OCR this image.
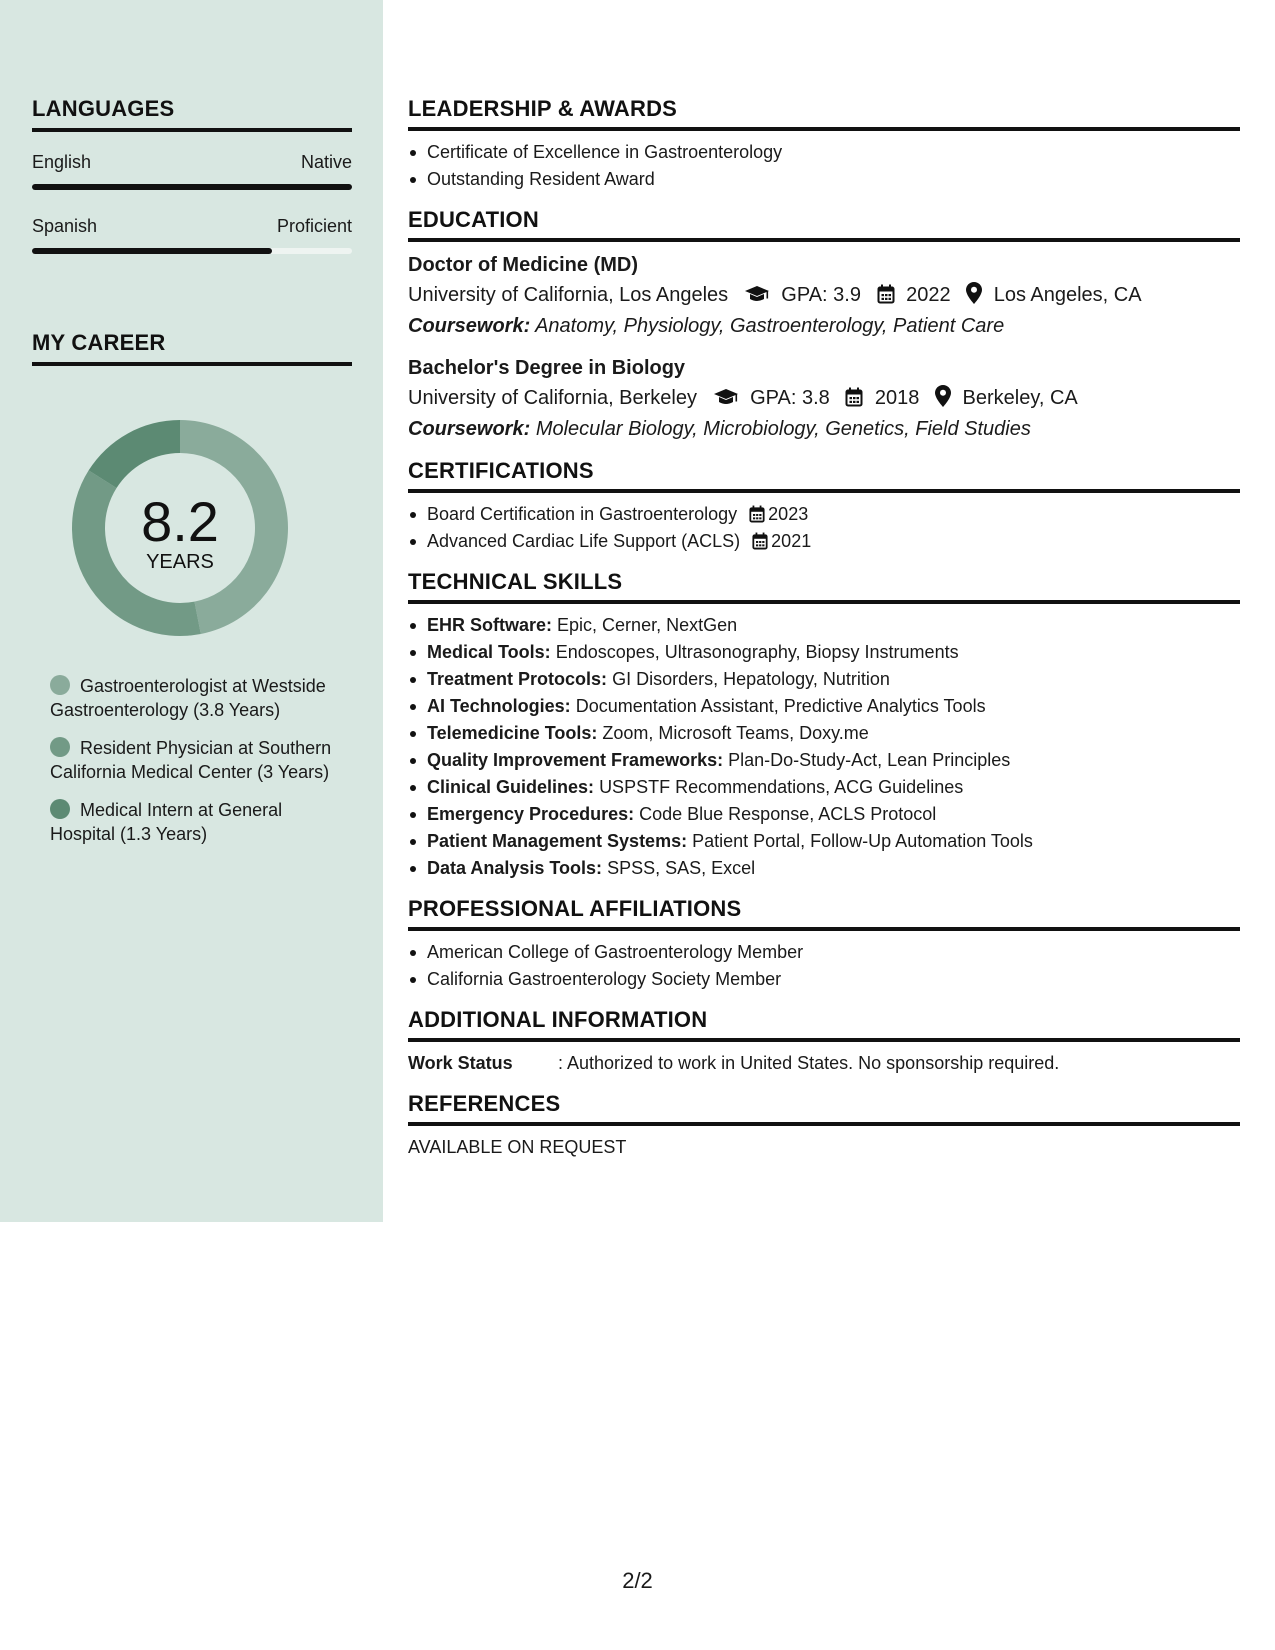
LANGUAGES
English	Native
Spanish	Proficient
MY CAREER
8.2
YEARS
Gastroenterologist at Westside Gastroenterology (3.8 Years)
Resident Physician at Southern California Medical Center (3 Years)
Medical Intern at General Hospital (1.3 Years)
LEADERSHIP & AWARDS
Certificate of Excellence in Gastroenterology
Outstanding Resident Award
EDUCATION
Doctor of Medicine (MD)
University of California, Los Angeles	GPA: 3.9 2022 Los Angeles, CA
Coursework: Anatomy, Physiology, Gastroenterology, Patient Care
Bachelor's Degree in Biology
University of California, Berkeley	GPA: 3.8 2018 Berkeley, CA
Coursework: Molecular Biology, Microbiology, Genetics, Field Studies
CERTIFICATIONS
Board Certification in Gastroenterology 2023
Advanced Cardiac Life Support (ACLS) 2021
TECHNICAL SKILLS
EHR Software: Epic, Cerner, NextGen
Medical Tools: Endoscopes, Ultrasonography, Biopsy Instruments
Treatment Protocols: GI Disorders, Hepatology, Nutrition
AI Technologies: Documentation Assistant, Predictive Analytics Tools
Telemedicine Tools: Zoom, Microsoft Teams, Doxy.me
Quality Improvement Frameworks: Plan-Do-Study-Act, Lean Principles
Clinical Guidelines: USPSTF Recommendations, ACG Guidelines
Emergency Procedures: Code Blue Response, ACLS Protocol
Patient Management Systems: Patient Portal, Follow-Up Automation Tools
Data Analysis Tools: SPSS, SAS, Excel
PROFESSIONAL AFFILIATIONS
American College of Gastroenterology Member
California Gastroenterology Society Member
ADDITIONAL INFORMATION
Work Status	: Authorized to work in United States. No sponsorship required.
REFERENCES
AVAILABLE ON REQUEST
2/2
